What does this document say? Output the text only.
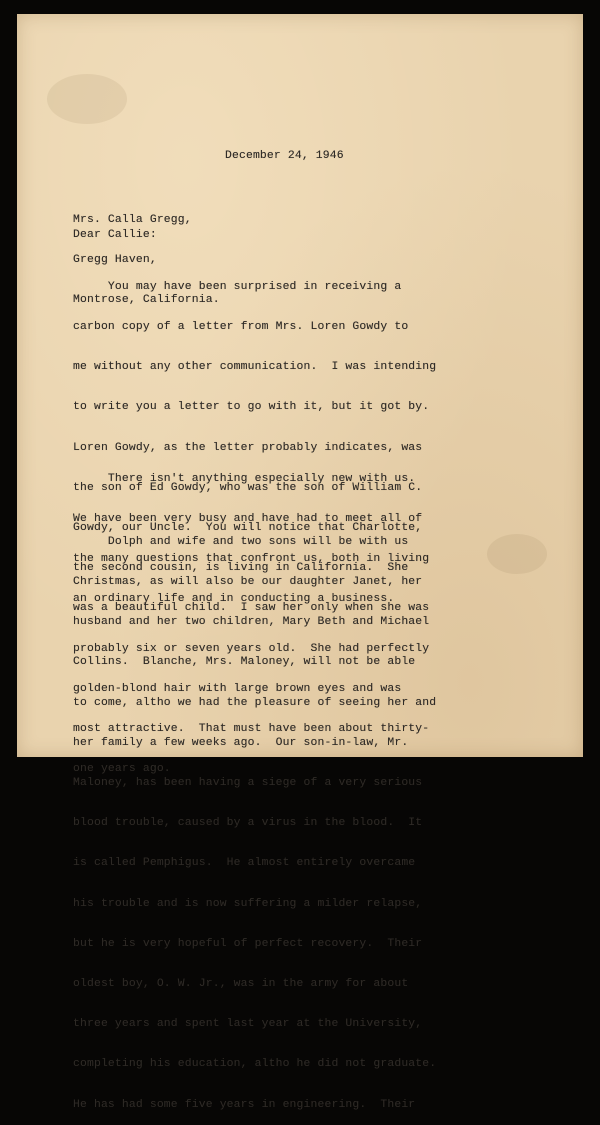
December 24, 1946

Mrs. Calla Gregg,

Gregg Haven,

Montrose, California.

Dear Callie:

You may have been surprised in receiving a

carbon copy of a letter from Mrs. Loren Gowdy to

me without any other communication.  I was intending

to write you a letter to go with it, but it got by.

Loren Gowdy, as the letter probably indicates, was

the son of Ed Gowdy, who was the son of William C.

Gowdy, our Uncle.  You will notice that Charlotte,

the second cousin, is living in California.  She

was a beautiful child.  I saw her only when she was

probably six or seven years old.  She had perfectly

golden-blond hair with large brown eyes and was

most attractive.  That must have been about thirty-

one years ago.

There isn't anything especially new with us.

We have been very busy and have had to meet all of

the many questions that confront us, both in living

an ordinary life and in conducting a business.

Dolph and wife and two sons will be with us

Christmas, as will also be our daughter Janet, her

husband and her two children, Mary Beth and Michael

Collins.  Blanche, Mrs. Maloney, will not be able

to come, altho we had the pleasure of seeing her and

her family a few weeks ago.  Our son-in-law, Mr.

Maloney, has been having a siege of a very serious

blood trouble, caused by a virus in the blood.  It

is called Pemphigus.  He almost entirely overcame

his trouble and is now suffering a milder relapse,

but he is very hopeful of perfect recovery.  Their

oldest boy, O. W. Jr., was in the army for about

three years and spent last year at the University,

completing his education, altho he did not graduate.

He has had some five years in engineering.  Their
